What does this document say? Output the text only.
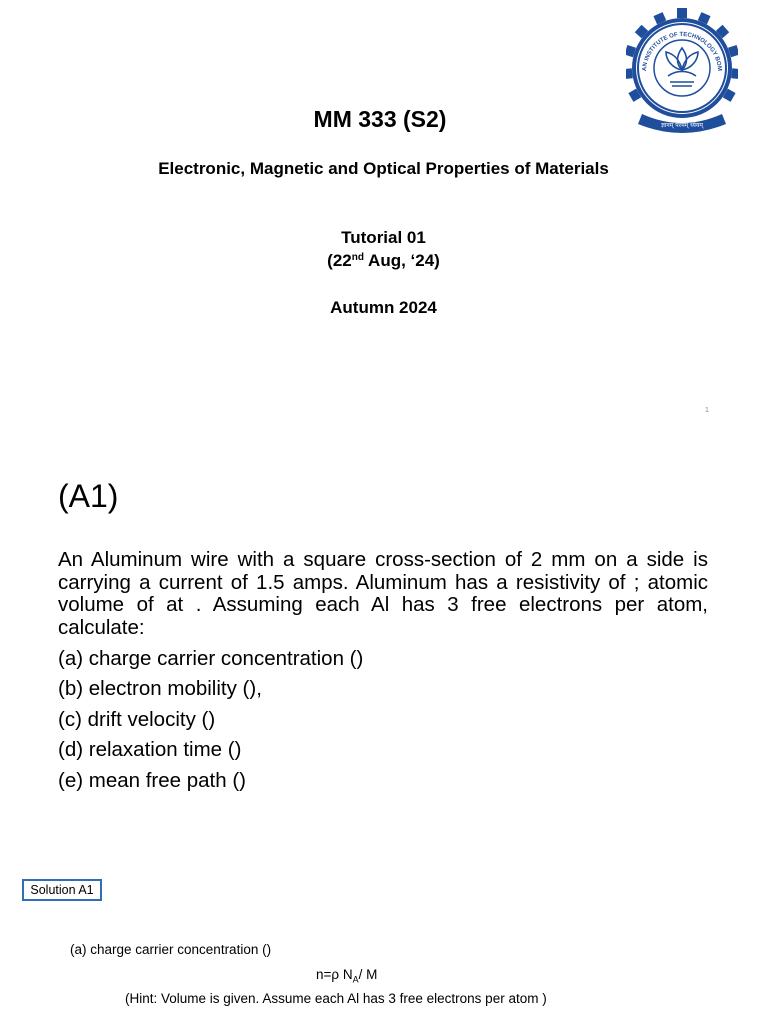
AN INSTITUTE OF TECHNOLOGY BOM
ज्ञानम् परमम् ध्येयम्
MM 333 (S2)
Electronic, Magnetic and Optical Properties of Materials
Tutorial 01
(22nd Aug, ‘24)
Autumn 2024
1
(A1)
An Aluminum wire with a square cross-section of 2 mm on a side is carrying a current of 1.5 amps. Aluminum has a resistivity of ; atomic volume of at . Assuming each Al has 3 free electrons per atom, calculate:
(a) charge carrier concentration ()
(b) electron mobility (),
(c) drift velocity ()
(d) relaxation time ()
(e) mean free path ()
Solution A1
(a) charge carrier concentration ()
n=ρ $N_A/$ M
(Hint: Volume is given. Assume each Al has 3 free electrons per atom )
